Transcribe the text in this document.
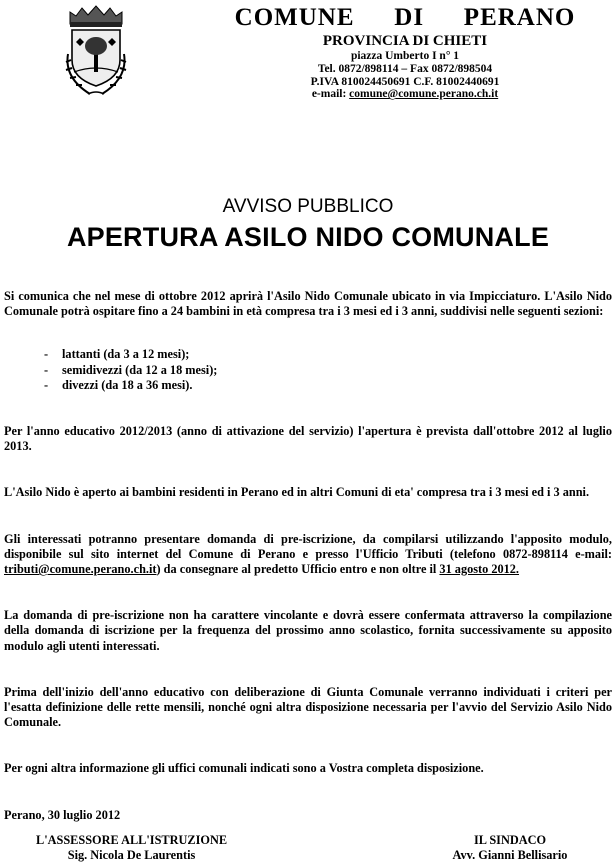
COMUNE   DI   PERANO
PROVINCIA DI CHIETI
piazza Umberto I n° 1
Tel. 0872/898114 – Fax 0872/898504
P.IVA 810024450691 C.F. 81002440691
e-mail: comune@comune.perano.ch.it
AVVISO PUBBLICO
APERTURA ASILO NIDO COMUNALE

Si comunica che nel mese di ottobre 2012 aprirà l'Asilo Nido Comunale ubicato in via Impicciaturo. L'Asilo Nido Comunale potrà ospitare fino a 24 bambini in età compresa tra i 3 mesi ed i 3 anni, suddivisi nelle seguenti sezioni:

- lattanti (da 3 a 12 mesi);
- semidivezzi (da 12 a 18 mesi);
- divezzi (da 18 a 36 mesi).

Per l'anno educativo 2012/2013 (anno di attivazione del servizio) l'apertura è prevista dall'ottobre 2012 al luglio 2013.

L'Asilo Nido è aperto ai bambini residenti in Perano ed in altri Comuni di eta' compresa tra i 3 mesi ed i 3 anni.

Gli interessati potranno presentare domanda di pre-iscrizione, da compilarsi utilizzando l'apposito modulo, disponibile sul sito internet del Comune di Perano e presso l'Ufficio Tributi (telefono 0872-898114 e-mail: tributi@comune.perano.ch.it) da consegnare al predetto Ufficio entro e non oltre il 31 agosto 2012.

La domanda di pre-iscrizione non ha carattere vincolante e dovrà essere confermata attraverso la compilazione della domanda di iscrizione per la frequenza del prossimo anno scolastico, fornita successivamente su apposito modulo agli utenti interessati.

Prima dell'inizio dell'anno educativo con deliberazione di Giunta Comunale verranno individuati i criteri per l'esatta definizione delle rette mensili, nonché ogni altra disposizione necessaria per l'avvio del Servizio Asilo Nido Comunale.

Per ogni altra informazione gli uffici comunali indicati sono a Vostra completa disposizione.

Perano, 30 luglio 2012

L'ASSESSORE ALL'ISTRUZIONE
Sig. Nicola De Laurentis
IL SINDACO
Avv. Gianni Bellisario
